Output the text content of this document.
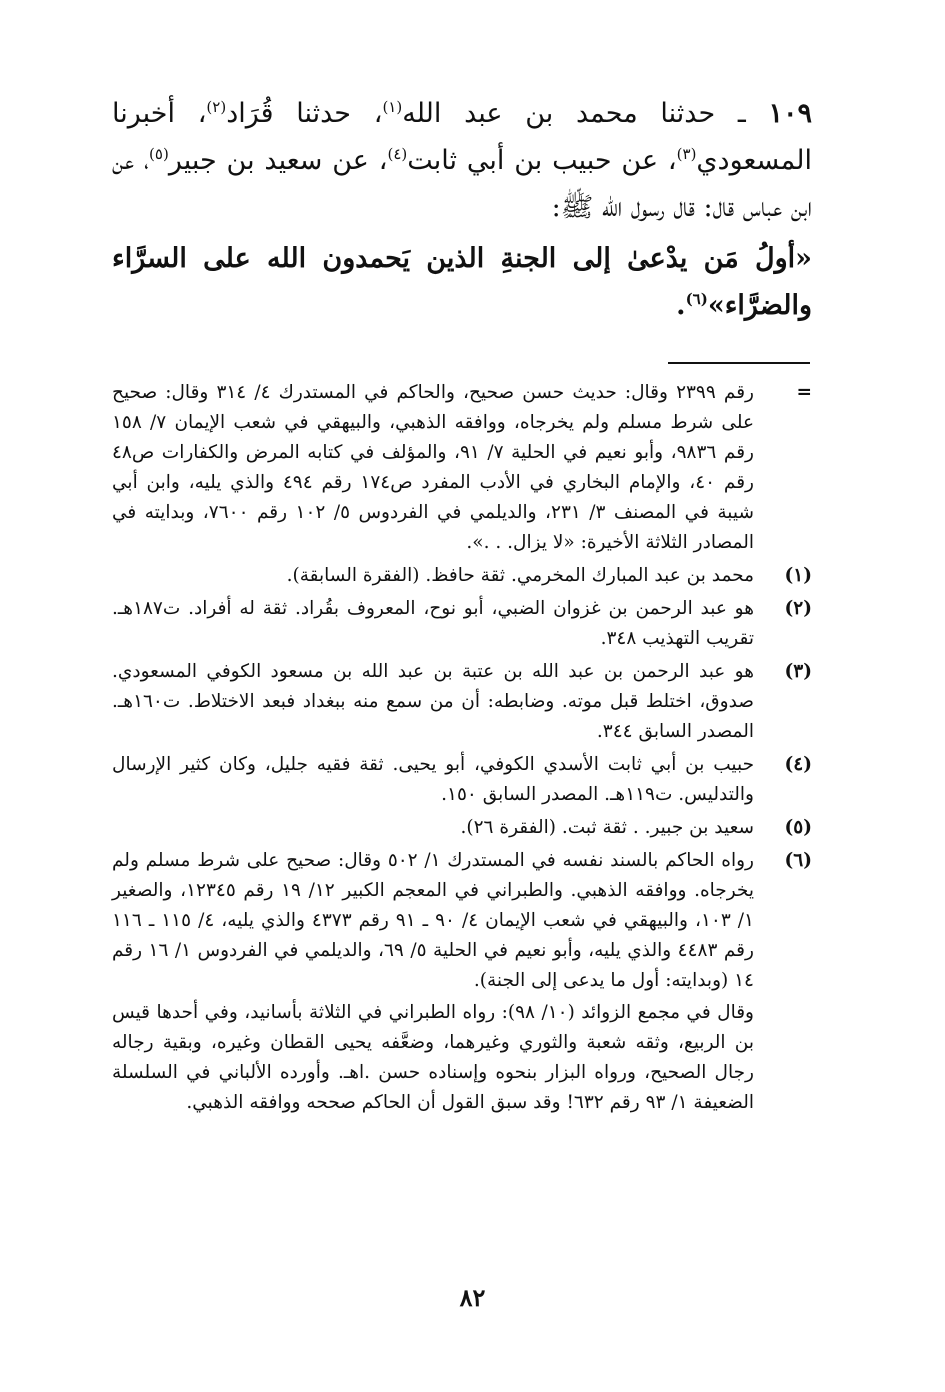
١٠٩ ـ حدثنا محمد بن عبد الله$^{(١)}$، حدثنا قُرَاد$^{(٢)}$، أخبرنا المسعودي$^{(٣)}$، عن حبيب بن أبي ثابت$^{(٤)}$، عن سعيد بن جبير$^{(٥)}$، عن ابن عباس قال: قال رسول الله ﷺ:

«أولُ مَن يدْعىٰ إلى الجنةِ الذين يَحمدون الله على السرَّاء والضرَّاء»$^{(٦)}$.

=
رقم ٢٣٩٩ وقال: حديث حسن صحيح، والحاكم في المستدرك ٤/ ٣١٤ وقال: صحيح على شرط مسلم ولم يخرجاه، ووافقه الذهبي، والبيهقي في شعب الإيمان ٧/ ١٥٨ رقم ٩٨٣٦، وأبو نعيم في الحلية ٧/ ٩١، والمؤلف في كتابه المرض والكفارات ص٤٨ رقم ٤٠، والإمام البخاري في الأدب المفرد ص١٧٤ رقم ٤٩٤ والذي يليه، وابن أبي شيبة في المصنف ٣/ ٢٣١، والديلمي في الفردوس ٥/ ١٠٢ رقم ٧٦٠٠، وبدايته في المصادر الثلاثة الأخيرة: «لا يزال. . .».
(١)
محمد بن عبد المبارك المخرمي. ثقة حافظ. (الفقرة السابقة).
(٢)
هو عبد الرحمن بن غزوان الضبي، أبو نوح، المعروف بقُراد. ثقة له أفراد. ت١٨٧هـ. تقريب التهذيب ٣٤٨.
(٣)
هو عبد الرحمن بن عبد الله بن عتبة بن عبد الله بن مسعود الكوفي المسعودي. صدوق، اختلط قبل موته. وضابطه: أن من سمع منه ببغداد فبعد الاختلاط. ت١٦٠هـ. المصدر السابق ٣٤٤.
(٤)
حبيب بن أبي ثابت الأسدي الكوفي، أبو يحيى. ثقة فقيه جليل، وكان كثير الإرسال والتدليس. ت١١٩هـ. المصدر السابق ١٥٠.
(٥)
سعيد بن جبير. . ثقة ثبت. (الفقرة ٢٦).
(٦)
رواه الحاكم بالسند نفسه في المستدرك ١/ ٥٠٢ وقال: صحيح على شرط مسلم ولم يخرجاه. ووافقه الذهبي. والطبراني في المعجم الكبير ١٢/ ١٩ رقم ١٢٣٤٥، والصغير ١/ ١٠٣، والبيهقي في شعب الإيمان ٤/ ٩٠ ـ ٩١ رقم ٤٣٧٣ والذي يليه، ٤/ ١١٥ ـ ١١٦ رقم ٤٤٨٣ والذي يليه، وأبو نعيم في الحلية ٥/ ٦٩، والديلمي في الفردوس ١/ ١٦ رقم ١٤ (وبدايته: أول ما يدعى إلى الجنة).

وقال في مجمع الزوائد (١٠/ ٩٨): رواه الطبراني في الثلاثة بأسانيد، وفي أحدها قيس بن الربيع، وثقه شعبة والثوري وغيرهما، وضعَّفه يحيى القطان وغيره، وبقية رجاله رجال الصحيح، ورواه البزار بنحوه وإسناده حسن .اهـ. وأورده الألباني في السلسلة الضعيفة ١/ ٩٣ رقم ٦٣٢! وقد سبق القول أن الحاكم صححه ووافقه الذهبي.

٨٢
